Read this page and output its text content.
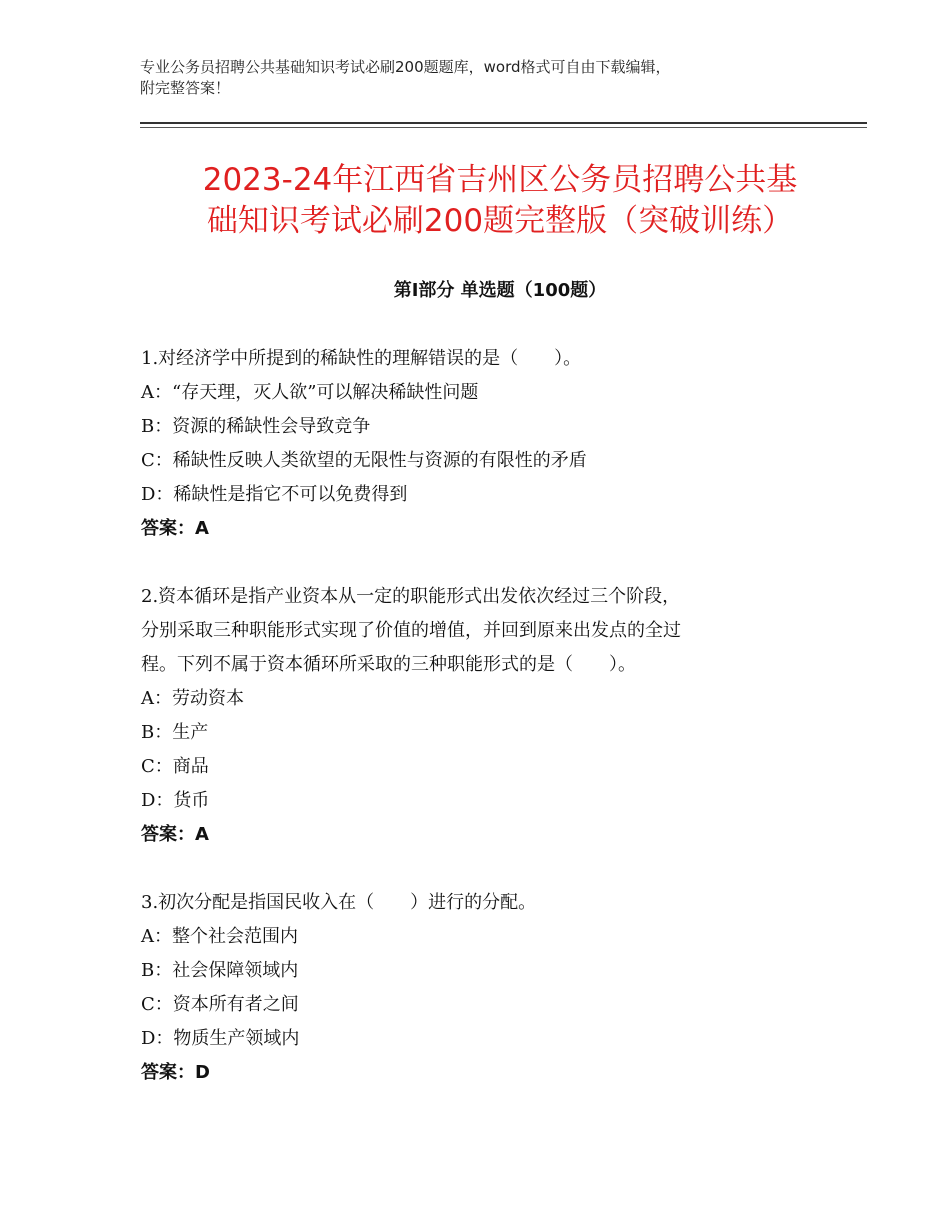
专业公务员招聘公共基础知识考试必刷200题题库，word格式可自由下载编辑，
附完整答案！
2023-24年江西省吉州区公务员招聘公共基
础知识考试必刷200题完整版（突破训练）
第Ⅰ部分 单选题（100题）
1.对经济学中所提到的稀缺性的理解错误的是（　　）。
A：“存天理，灭人欲”可以解决稀缺性问题
B：资源的稀缺性会导致竞争
C：稀缺性反映人类欲望的无限性与资源的有限性的矛盾
D：稀缺性是指它不可以免费得到
答案：A
2.资本循环是指产业资本从一定的职能形式出发依次经过三个阶段，
分别采取三种职能形式实现了价值的增值，并回到原来出发点的全过
程。下列不属于资本循环所采取的三种职能形式的是（　　）。
A：劳动资本
B：生产
C：商品
D：货币
答案：A
3.初次分配是指国民收入在（　　）进行的分配。
A：整个社会范围内
B：社会保障领域内
C：资本所有者之间
D：物质生产领域内
答案：D
